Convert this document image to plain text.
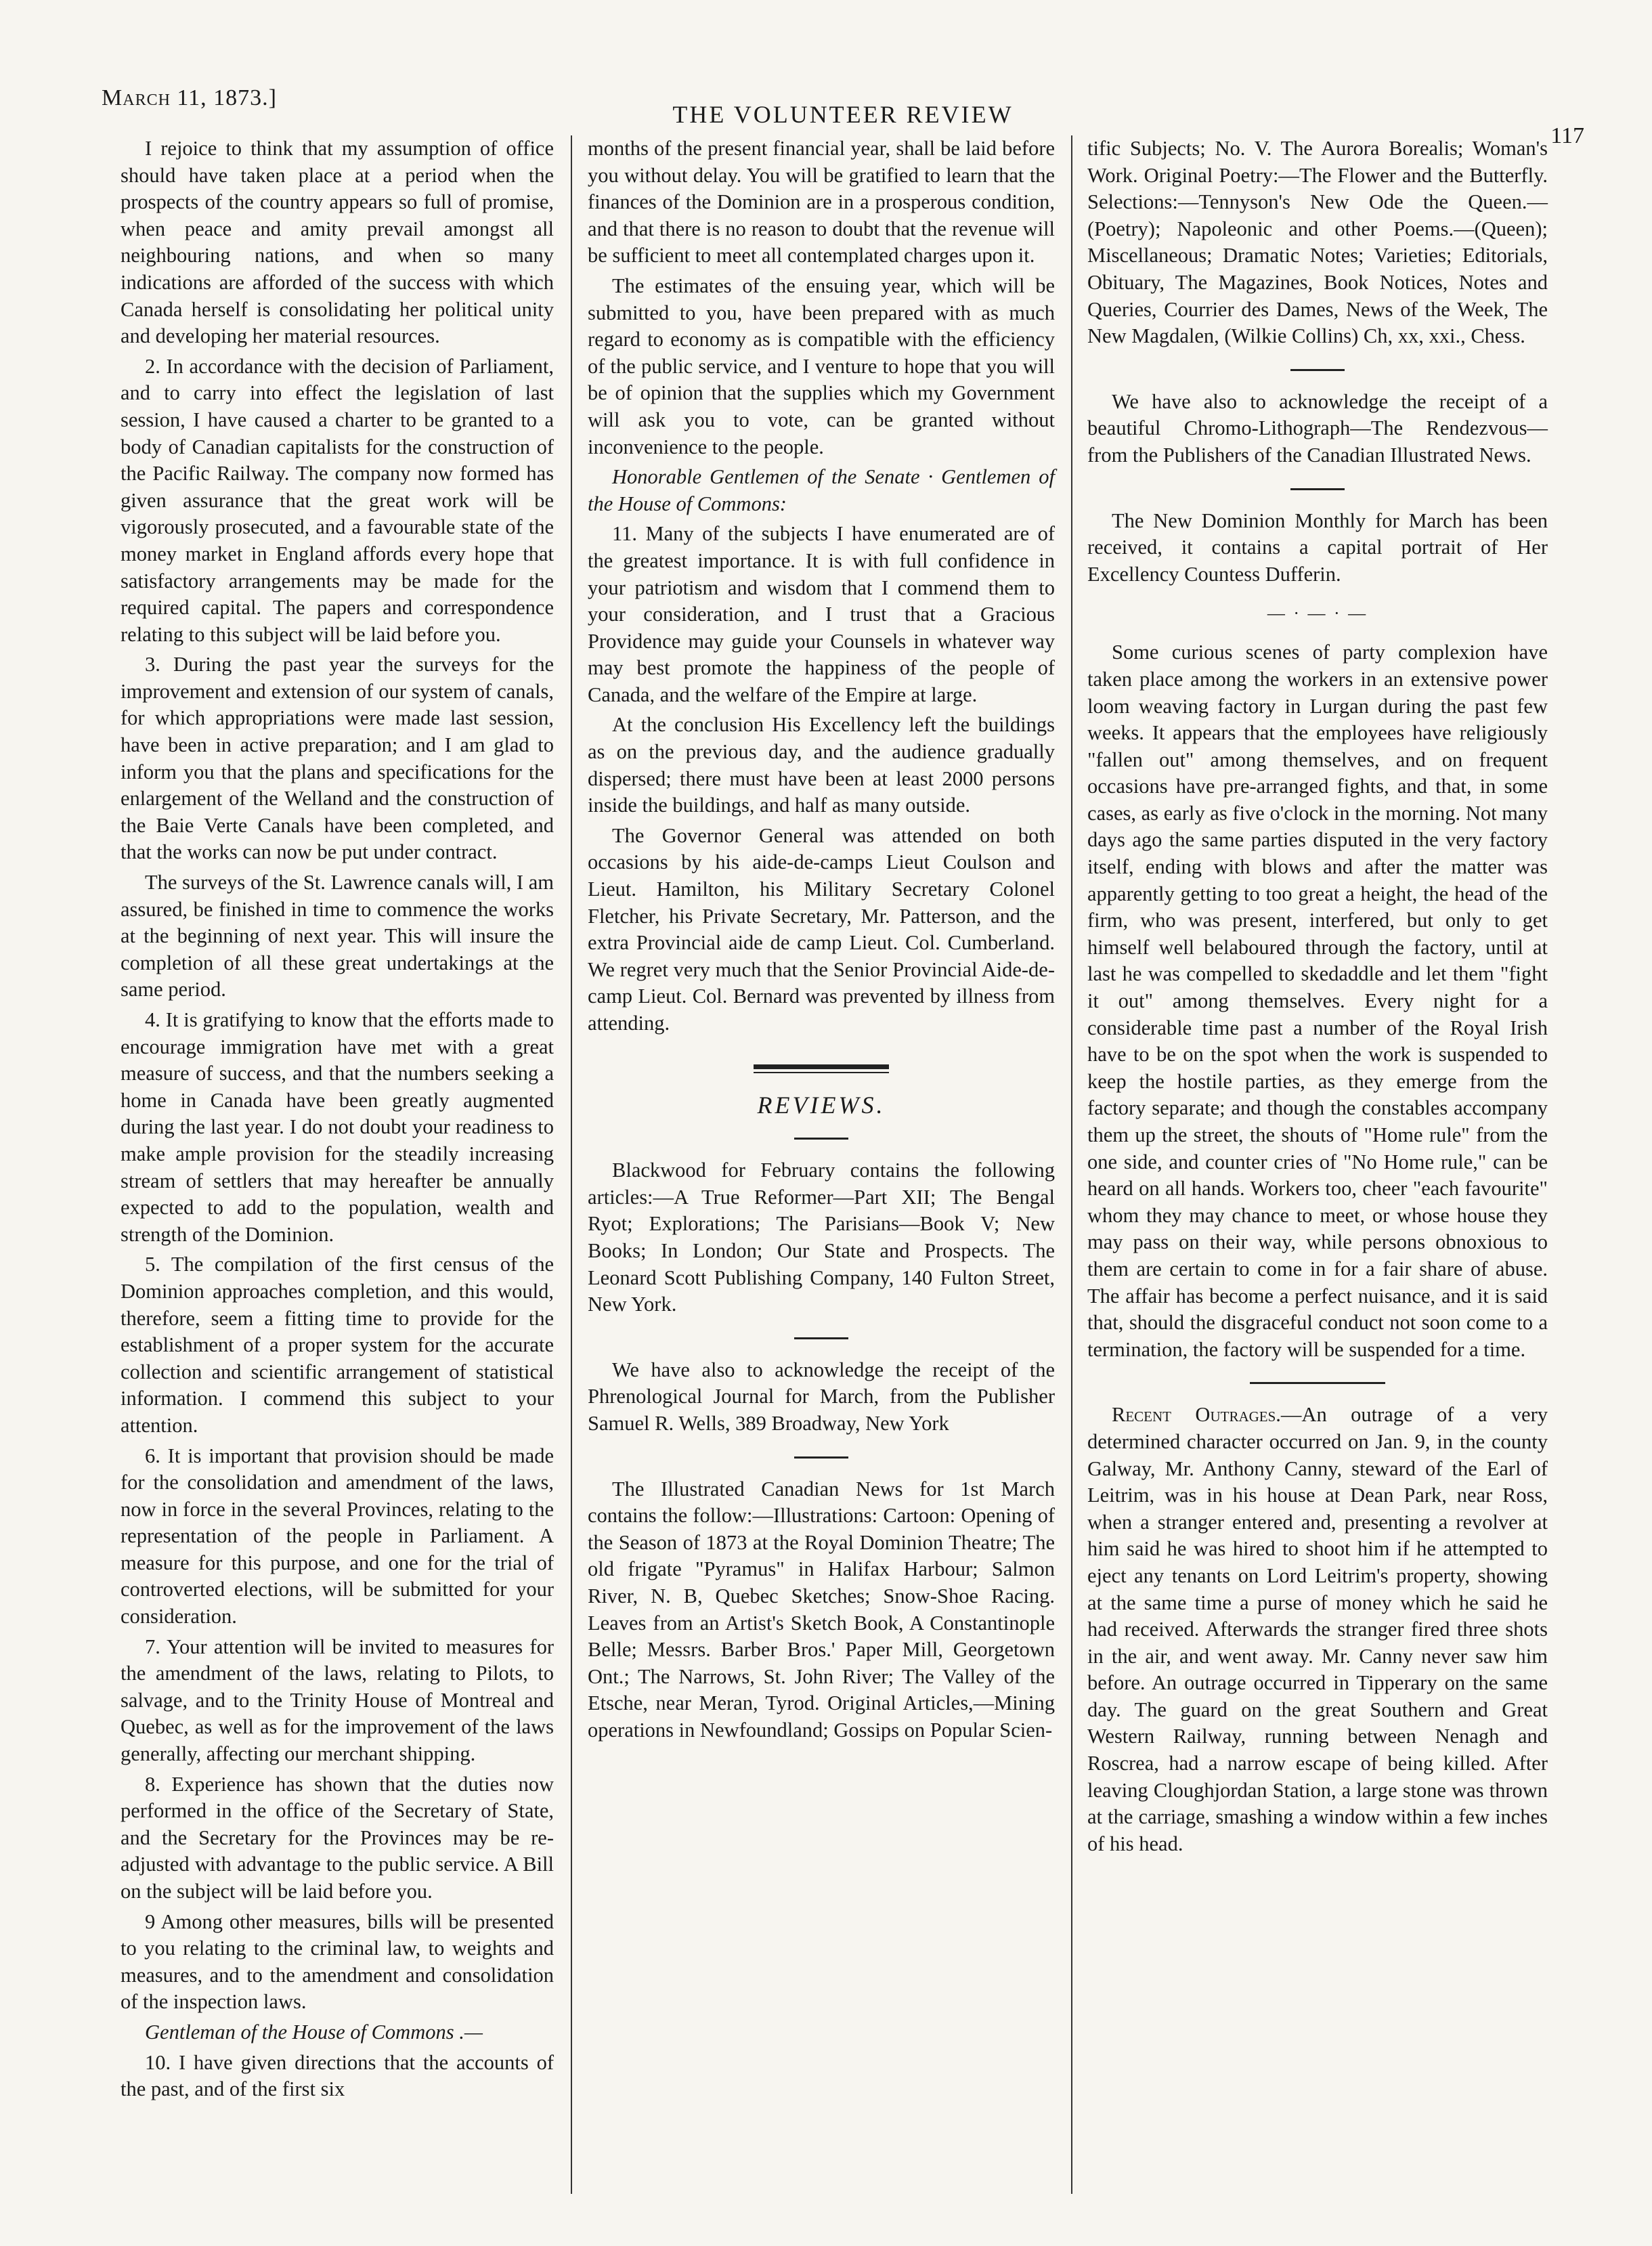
March 11, 1873.]
THE VOLUNTEER REVIEW
117

I rejoice to think that my assumption of office should have taken place at a period when the prospects of the country appears so full of promise, when peace and amity prevail amongst all neighbouring nations, and when so many indications are afforded of the success with which Canada herself is consolidating her political unity and developing her material resources.

2. In accordance with the decision of Parliament, and to carry into effect the legislation of last session, I have caused a charter to be granted to a body of Canadian capitalists for the construction of the Pacific Railway. The company now formed has given assurance that the great work will be vigorously prosecuted, and a favourable state of the money market in England affords every hope that satisfactory arrangements may be made for the required capital. The papers and correspondence relating to this subject will be laid before you.

3. During the past year the surveys for the improvement and extension of our system of canals, for which appropriations were made last session, have been in active preparation; and I am glad to inform you that the plans and specifications for the enlargement of the Welland and the construction of the Baie Verte Canals have been completed, and that the works can now be put under contract.

The surveys of the St. Lawrence canals will, I am assured, be finished in time to commence the works at the beginning of next year. This will insure the completion of all these great undertakings at the same period.

4. It is gratifying to know that the efforts made to encourage immigration have met with a great measure of success, and that the numbers seeking a home in Canada have been greatly augmented during the last year. I do not doubt your readiness to make ample provision for the steadily increasing stream of settlers that may hereafter be annually expected to add to the population, wealth and strength of the Dominion.

5. The compilation of the first census of the Dominion approaches completion, and this would, therefore, seem a fitting time to provide for the establishment of a proper system for the accurate collection and scientific arrangement of statistical information. I commend this subject to your attention.

6. It is important that provision should be made for the consolidation and amendment of the laws, now in force in the several Provinces, relating to the representation of the people in Parliament. A measure for this purpose, and one for the trial of controverted elections, will be submitted for your consideration.

7. Your attention will be invited to measures for the amendment of the laws, relating to Pilots, to salvage, and to the Trinity House of Montreal and Quebec, as well as for the improvement of the laws generally, affecting our merchant shipping.

8. Experience has shown that the duties now performed in the office of the Secretary of State, and the Secretary for the Provinces may be re-adjusted with advantage to the public service. A Bill on the subject will be laid before you.

9 Among other measures, bills will be presented to you relating to the criminal law, to weights and measures, and to the amendment and consolidation of the inspection laws.

Gentleman of the House of Commons .—

10. I have given directions that the accounts of the past, and of the first six

months of the present financial year, shall be laid before you without delay. You will be gratified to learn that the finances of the Dominion are in a prosperous condition, and that there is no reason to doubt that the revenue will be sufficient to meet all contemplated charges upon it.

The estimates of the ensuing year, which will be submitted to you, have been prepared with as much regard to economy as is compatible with the efficiency of the public service, and I venture to hope that you will be of opinion that the supplies which my Government will ask you to vote, can be granted without inconvenience to the people.

Honorable Gentlemen of the Senate · Gentlemen of the House of Commons:

11. Many of the subjects I have enumerated are of the greatest importance. It is with full confidence in your patriotism and wisdom that I commend them to your consideration, and I trust that a Gracious Providence may guide your Counsels in whatever way may best promote the happiness of the people of Canada, and the welfare of the Empire at large.

At the conclusion His Excellency left the buildings as on the previous day, and the audience gradually dispersed; there must have been at least 2000 persons inside the buildings, and half as many outside.

The Governor General was attended on both occasions by his aide-de-camps Lieut Coulson and Lieut. Hamilton, his Military Secretary Colonel Fletcher, his Private Secretary, Mr. Patterson, and the extra Provincial aide de camp Lieut. Col. Cumberland. We regret very much that the Senior Provincial Aide-de-camp Lieut. Col. Bernard was prevented by illness from attending.

REVIEWS.

Blackwood for February contains the following articles:—A True Reformer—Part XII; The Bengal Ryot; Explorations; The Parisians—Book V; New Books; In London; Our State and Prospects. The Leonard Scott Publishing Company, 140 Fulton Street, New York.

We have also to acknowledge the receipt of the Phrenological Journal for March, from the Publisher Samuel R. Wells, 389 Broadway, New York

The Illustrated Canadian News for 1st March contains the follow:—Illustrations: Cartoon: Opening of the Season of 1873 at the Royal Dominion Theatre; The old frigate "Pyramus" in Halifax Harbour; Salmon River, N. B, Quebec Sketches; Snow-Shoe Racing. Leaves from an Artist's Sketch Book, A Constantinople Belle; Messrs. Barber Bros.' Paper Mill, Georgetown Ont.; The Narrows, St. John River; The Valley of the Etsche, near Meran, Tyrod. Original Articles,—Mining operations in Newfoundland; Gossips on Popular Scien-

tific Subjects; No. V. The Aurora Borealis; Woman's Work. Original Poetry:—The Flower and the Butterfly. Selections:—Tennyson's New Ode the Queen.—(Poetry); Napoleonic and other Poems.—(Queen); Miscellaneous; Dramatic Notes; Varieties; Editorials, Obituary, The Magazines, Book Notices, Notes and Queries, Courrier des Dames, News of the Week, The New Magdalen, (Wilkie Collins) Ch, xx, xxi., Chess.

We have also to acknowledge the receipt of a beautiful Chromo-Lithograph—The Rendezvous—from the Publishers of the Canadian Illustrated News.

The New Dominion Monthly for March has been received, it contains a capital portrait of Her Excellency Countess Dufferin.

— · — · —

Some curious scenes of party complexion have taken place among the workers in an extensive power loom weaving factory in Lurgan during the past few weeks. It appears that the employees have religiously "fallen out" among themselves, and on frequent occasions have pre-arranged fights, and that, in some cases, as early as five o'clock in the morning. Not many days ago the same parties disputed in the very factory itself, ending with blows and after the matter was apparently getting to too great a height, the head of the firm, who was present, interfered, but only to get himself well belaboured through the factory, until at last he was compelled to skedaddle and let them "fight it out" among themselves. Every night for a considerable time past a number of the Royal Irish have to be on the spot when the work is suspended to keep the hostile parties, as they emerge from the factory separate; and though the constables accompany them up the street, the shouts of "Home rule" from the one side, and counter cries of "No Home rule," can be heard on all hands. Workers too, cheer "each favourite" whom they may chance to meet, or whose house they may pass on their way, while persons obnoxious to them are certain to come in for a fair share of abuse. The affair has become a perfect nuisance, and it is said that, should the disgraceful conduct not soon come to a termination, the factory will be suspended for a time.

Recent Outrages.—An outrage of a very determined character occurred on Jan. 9, in the county Galway, Mr. Anthony Canny, steward of the Earl of Leitrim, was in his house at Dean Park, near Ross, when a stranger entered and, presenting a revolver at him said he was hired to shoot him if he attempted to eject any tenants on Lord Leitrim's property, showing at the same time a purse of money which he said he had received. Afterwards the stranger fired three shots in the air, and went away. Mr. Canny never saw him before. An outrage occurred in Tipperary on the same day. The guard on the great Southern and Great Western Railway, running between Nenagh and Roscrea, had a narrow escape of being killed. After leaving Cloughjordan Station, a large stone was thrown at the carriage, smashing a window within a few inches of his head.
